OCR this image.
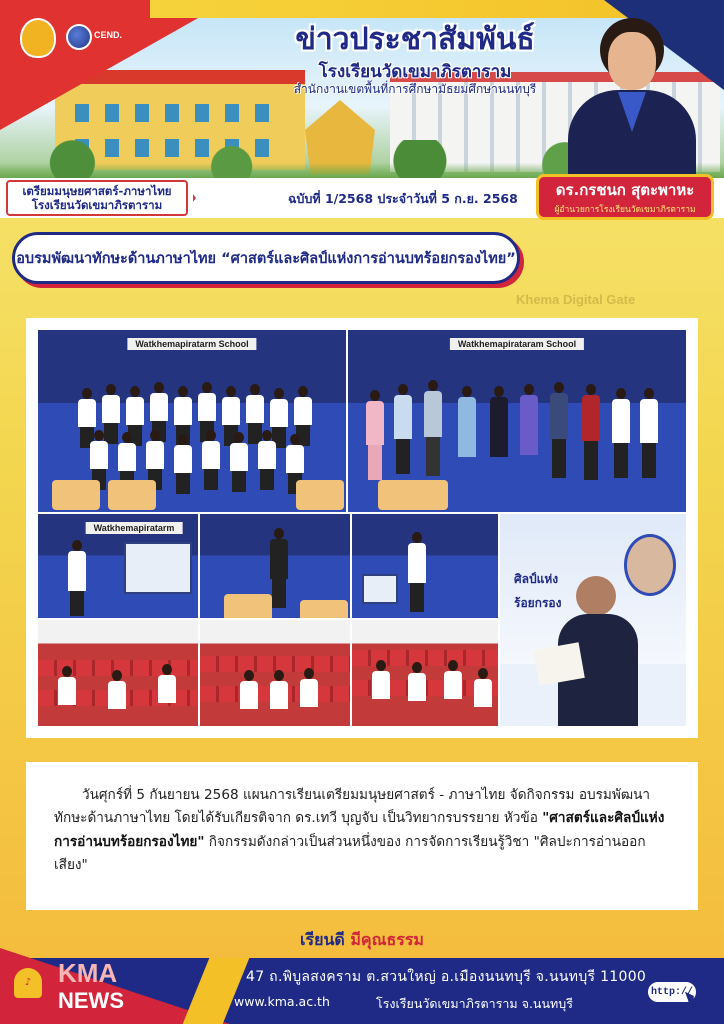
CEND.	ข่าวประชาสัมพันธ์
โรงเรียนวัดเขมาภิรตาราม
สำนักงานเขตพื้นที่การศึกษามัธยมศึกษานนทบุรี
เตรียมมนุษยศาสตร์-ภาษาไทย
โรงเรียนวัดเขมาภิรตาราม	ฉบับที่ 1/2568 ประจำวันที่ 5 ก.ย. 2568	ดร.กรชนก สุตะพาหะ
ผู้อำนวยการโรงเรียนวัดเขมาภิรตาราม
อบรมพัฒนาทักษะด้านภาษาไทย “ศาสตร์และศิลป์แห่งการอ่านบทร้อยกรองไทย”
Khema Digital Gate
Watkhemapiratarm School	Watkhemapirataram School
Watkhemapiratarm
ศิลป์แห่ง
ร้อยกรอง

วันศุกร์ที่ 5 กันยายน 2568 แผนการเรียนเตรียมมนุษยศาสตร์ - ภาษาไทย จัดกิจกรรม อบรมพัฒนาทักษะด้านภาษาไทย โดยได้รับเกียรติจาก ดร.เทวี บุญจับ เป็นวิทยากรบรรยาย หัวข้อ "ศาสตร์และศิลป์แห่งการอ่านบทร้อยกรองไทย" กิจกรรมดังกล่าวเป็นส่วนหนึ่งของ การจัดการเรียนรู้วิชา "ศิลปะการอ่านออกเสียง"

เรียนดี มีคุณธรรม
♪	KMA
NEWS
47 ถ.พิบูลสงคราม ต.สวนใหญ่ อ.เมืองนนทบุรี จ.นนทบุรี 11000
www.kma.ac.th	โรงเรียนวัดเขมาภิรตาราม จ.นนทบุรี
http://
